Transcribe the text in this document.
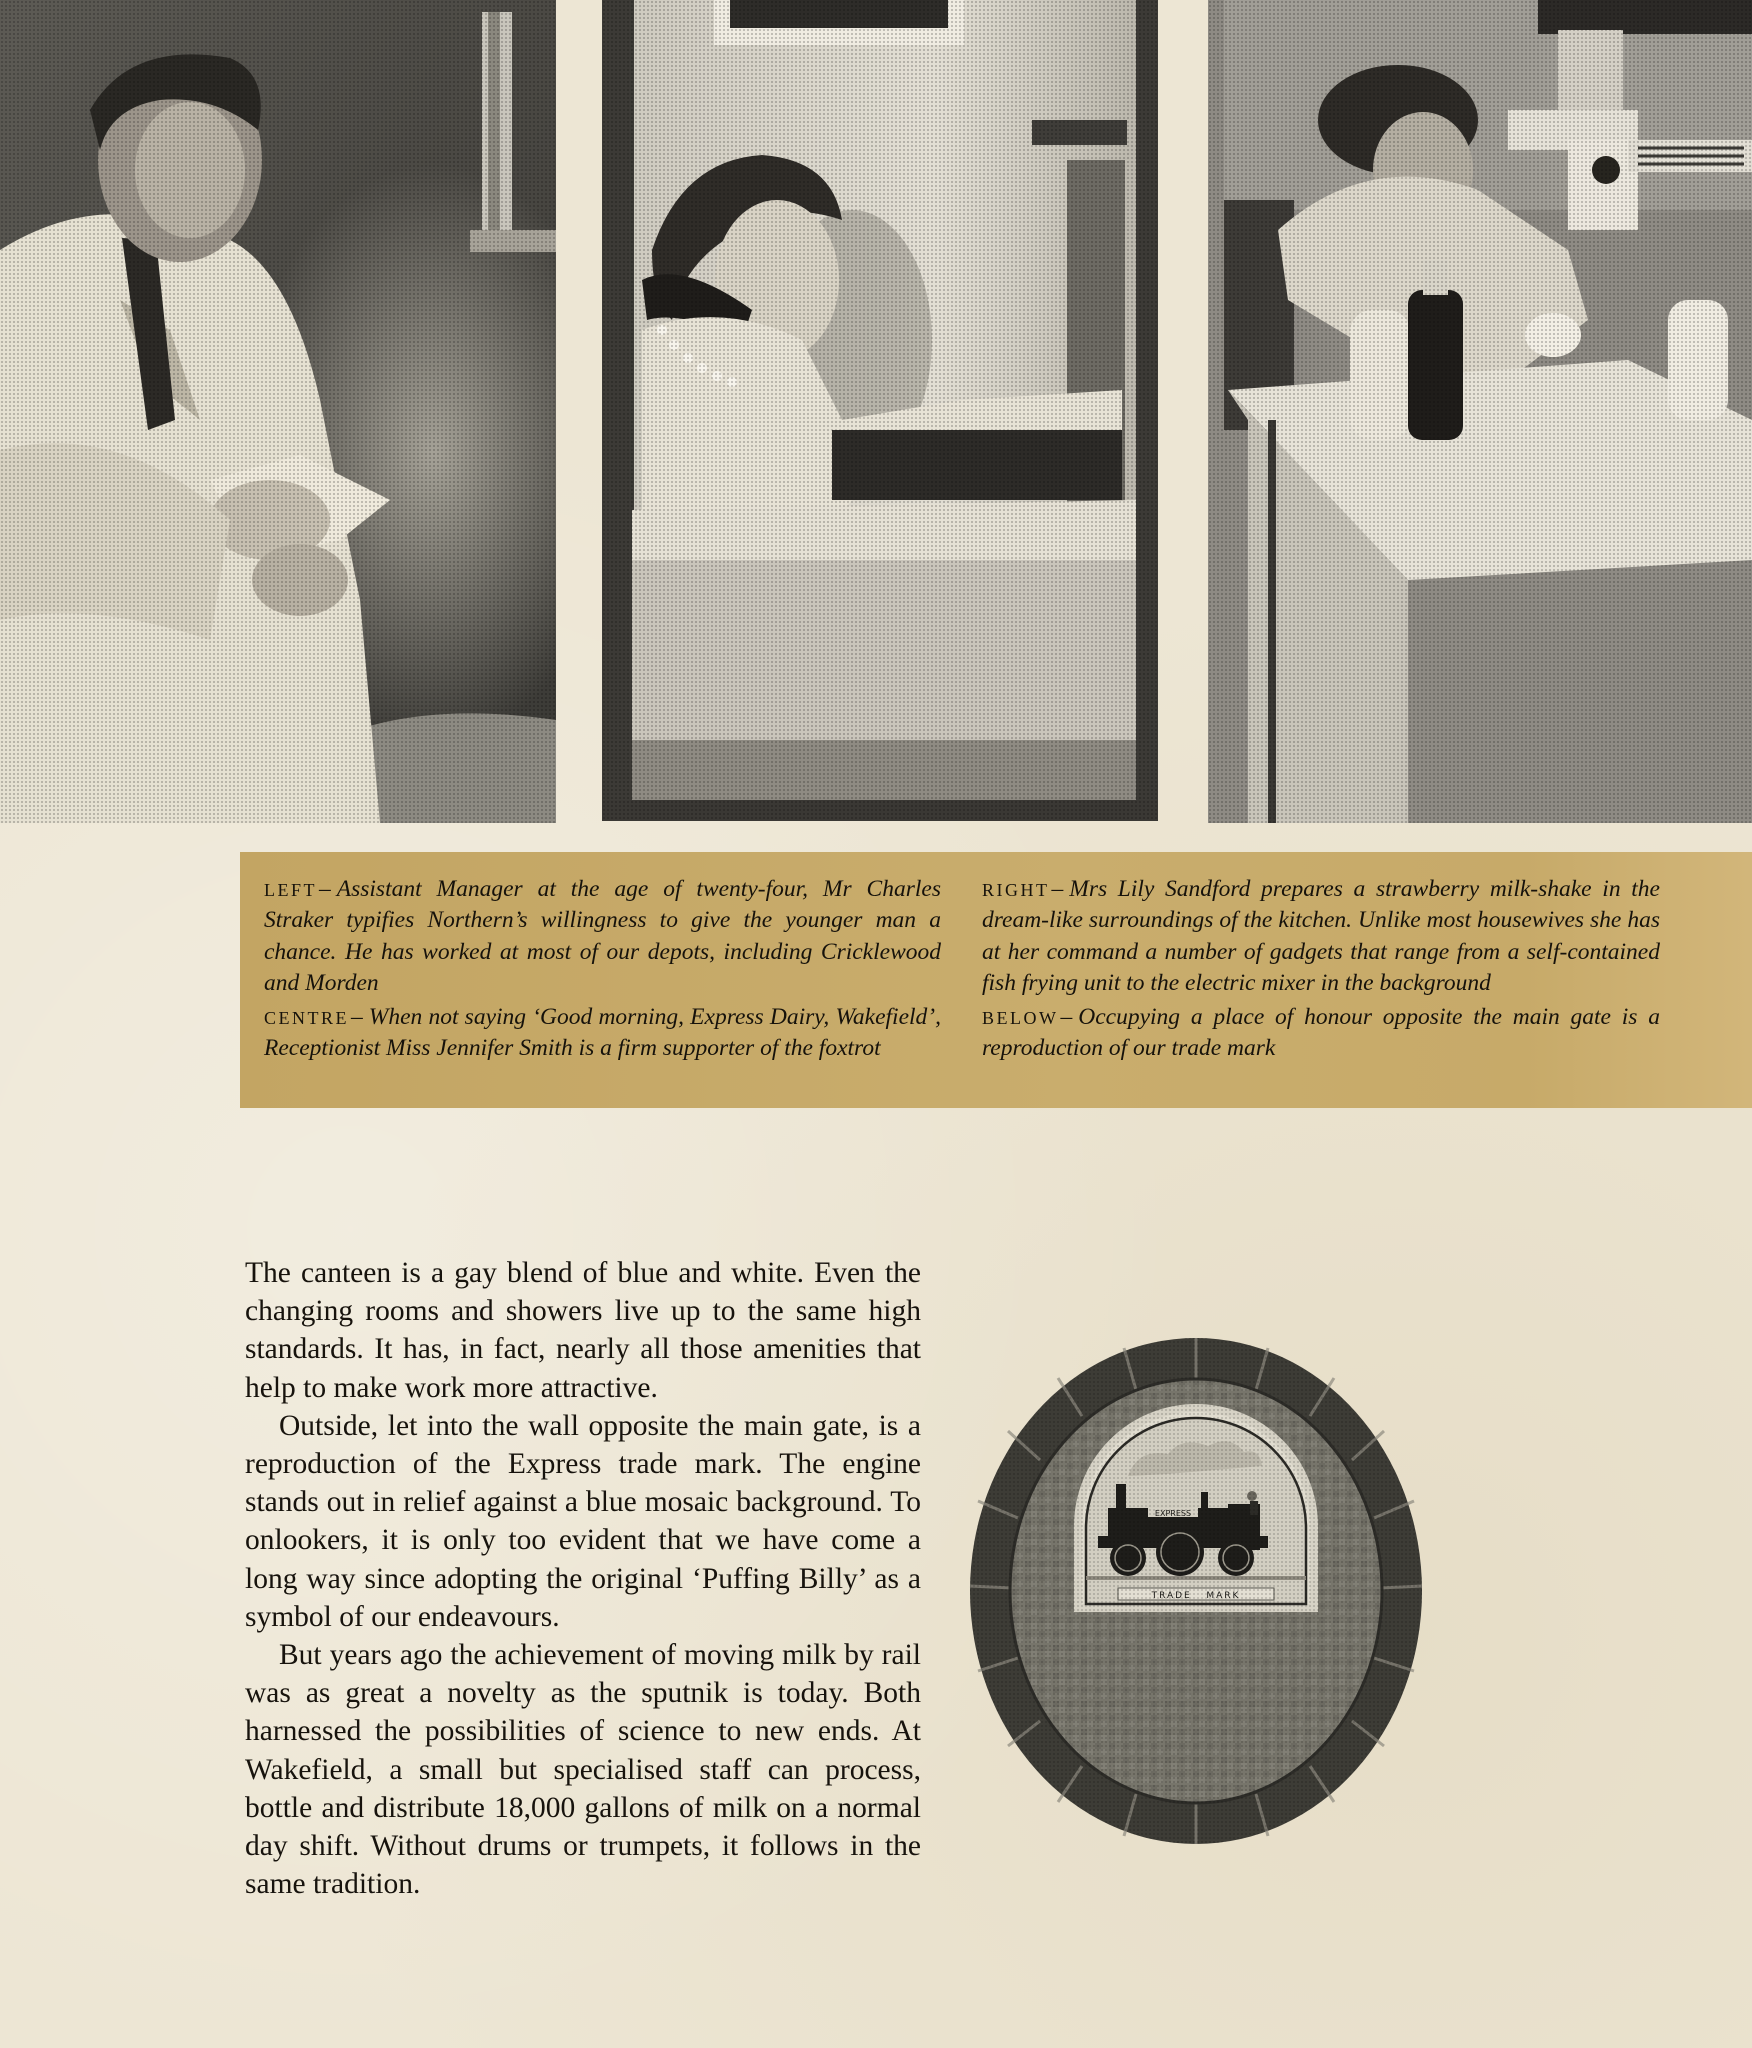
left– Assistant Manager at the age of twenty-four, Mr Charles Straker typifies Northern’s willingness to give the younger man a chance. He has worked at most of our depots, including Cricklewood and Morden

centre– When not saying ‘Good morning, Express Dairy, Wakefield’, Receptionist Miss Jennifer Smith is a firm supporter of the foxtrot

right– Mrs Lily Sandford prepares a strawberry milk-shake in the dream-like surroundings of the kitchen. Unlike most housewives she has at her command a number of gadgets that range from a self-contained fish frying unit to the electric mixer in the background

below– Occupying a place of honour opposite the main gate is a reproduction of our trade mark

The canteen is a gay blend of blue and white. Even the changing rooms and showers live up to the same high standards. It has, in fact, nearly all those amenities that help to make work more attractive.

Outside, let into the wall opposite the main gate, is a reproduction of the Express trade mark. The engine stands out in relief against a blue mosaic background. To onlookers, it is only too evident that we have come a long way since adopting the original ‘Puffing Billy’ as a symbol of our endeavours.

But years ago the achievement of moving milk by rail was as great a novelty as the sputnik is today. Both harnessed the possibilities of science to new ends. At Wakefield, a small but specialised staff can process, bottle and distribute 18,000 gallons of milk on a normal day shift. Without drums or trumpets, it follows in the same tradition.
